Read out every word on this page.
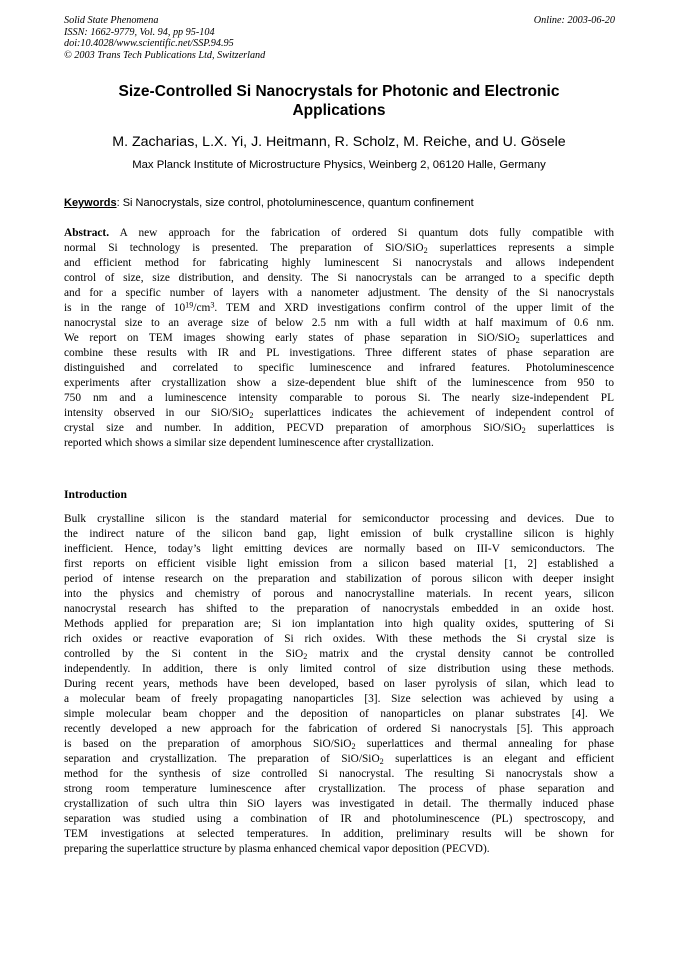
Solid State Phenomena
ISSN: 1662-9779, Vol. 94, pp 95-104
doi:10.4028/www.scientific.net/SSP.94.95
© 2003 Trans Tech Publications Ltd, Switzerland
Online: 2003-06-20
Size-Controlled Si Nanocrystals for Photonic and Electronic
Applications
M. Zacharias, L.X. Yi, J. Heitmann, R. Scholz, M. Reiche, and U. Gösele
Max Planck Institute of Microstructure Physics, Weinberg 2, 06120 Halle, Germany
Keywords: Si Nanocrystals, size control, photoluminescence, quantum confinement
Abstract. A new approach for the fabrication of ordered Si quantum dots fully compatible with
normal Si technology is presented. The preparation of SiO/SiO$_2$ superlattices represents a simple
and efficient method for fabricating highly luminescent Si nanocrystals and allows independent
control of size, size distribution, and density. The Si nanocrystals can be arranged to a specific depth
and for a specific number of layers with a nanometer adjustment. The density of the Si nanocrystals
is in the range of $10^{19}/cm^3$. TEM and XRD investigations confirm control of the upper limit of the
nanocrystal size to an average size of below 2.5 nm with a full width at half maximum of 0.6 nm.
We report on TEM images showing early states of phase separation in SiO/SiO$_2$ superlattices and
combine these results with IR and PL investigations. Three different states of phase separation are
distinguished and correlated to specific luminescence and infrared features. Photoluminescence
experiments after crystallization show a size-dependent blue shift of the luminescence from 950 to
750 nm and a luminescence intensity comparable to porous Si. The nearly size-independent PL
intensity observed in our SiO/SiO$_2$ superlattices indicates the achievement of independent control of
crystal size and number. In addition, PECVD preparation of amorphous SiO/SiO$_2$ superlattices is
reported which shows a similar size dependent luminescence after crystallization.
Introduction
Bulk crystalline silicon is the standard material for semiconductor processing and devices. Due to
the indirect nature of the silicon band gap, light emission of bulk crystalline silicon is highly
inefficient. Hence, today’s light emitting devices are normally based on III-V semiconductors. The
first reports on efficient visible light emission from a silicon based material [1, 2] established a
period of intense research on the preparation and stabilization of porous silicon with deeper insight
into the physics and chemistry of porous and nanocrystalline materials. In recent years, silicon
nanocrystal research has shifted to the preparation of nanocrystals embedded in an oxide host.
Methods applied for preparation are; Si ion implantation into high quality oxides, sputtering of Si
rich oxides or reactive evaporation of Si rich oxides. With these methods the Si crystal size is
controlled by the Si content in the SiO$_2$ matrix and the crystal density cannot be controlled
independently. In addition, there is only limited control of size distribution using these methods.
During recent years, methods have been developed, based on laser pyrolysis of silan, which lead to
a molecular beam of freely propagating nanoparticles [3]. Size selection was achieved by using a
simple molecular beam chopper and the deposition of nanoparticles on planar substrates [4]. We
recently developed a new approach for the fabrication of ordered Si nanocrystals [5]. This approach
is based on the preparation of amorphous SiO/SiO$_2$ superlattices and thermal annealing for phase
separation and crystallization. The preparation of SiO/SiO$_2$ superlattices is an elegant and efficient
method for the synthesis of size controlled Si nanocrystal. The resulting Si nanocrystals show a
strong room temperature luminescence after crystallization. The process of phase separation and
crystallization of such ultra thin SiO layers was investigated in detail. The thermally induced phase
separation was studied using a combination of IR and photoluminescence (PL) spectroscopy, and
TEM investigations at selected temperatures. In addition, preliminary results will be shown for
preparing the superlattice structure by plasma enhanced chemical vapor deposition (PECVD).
